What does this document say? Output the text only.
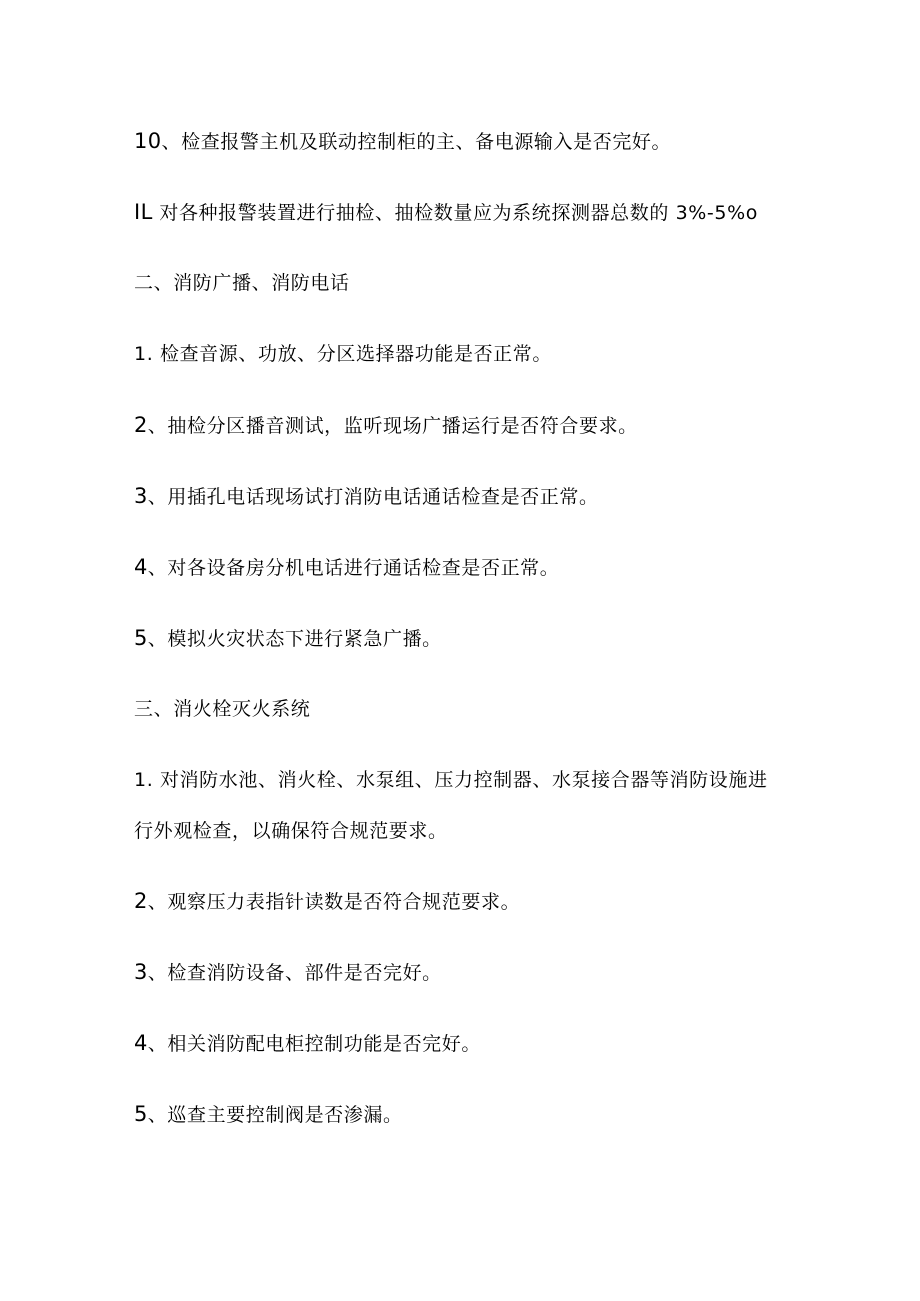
10、检查报警主机及联动控制柜的主、备电源输入是否完好。
IL 对各种报警装置进行抽检、抽检数量应为系统探测器总数的 3%-5%o
二、消防广播、消防电话
1. 检查音源、功放、分区选择器功能是否正常。
2、抽检分区播音测试，监听现场广播运行是否符合要求。
3、用插孔电话现场试打消防电话通话检查是否正常。
4、对各设备房分机电话进行通话检查是否正常。
5、模拟火灾状态下进行紧急广播。
三、消火栓灭火系统
1. 对消防水池、消火栓、水泵组、压力控制器、水泵接合器等消防设施进
行外观检查，以确保符合规范要求。
2、观察压力表指针读数是否符合规范要求。
3、检查消防设备、部件是否完好。
4、相关消防配电柜控制功能是否完好。
5、巡查主要控制阀是否渗漏。
